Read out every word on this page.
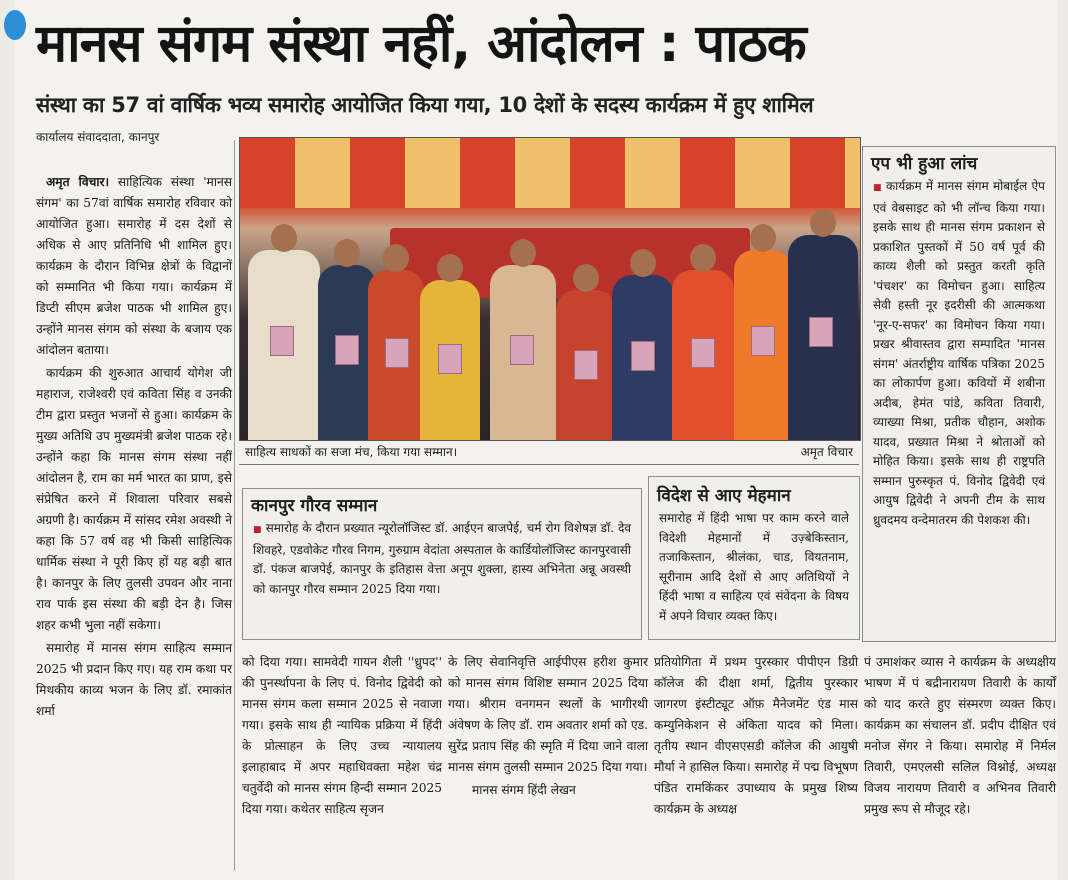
मानस संगम संस्था नहीं, आंदोलन : पाठक
संस्था का 57 वां वार्षिक भव्य समारोह आयोजित किया गया, 10 देशों के सदस्य कार्यक्रम में हुए शामिल
कार्यालय संवाददाता, कानपुर

अमृत विचार। साहित्यिक संस्था 'मानस संगम' का 57वां वार्षिक समारोह रविवार को आयोजित हुआ। समारोह में दस देशों से अधिक से आए प्रतिनिधि भी शामिल हुए। कार्यक्रम के दौरान विभिन्न क्षेत्रों के विद्वानों को सम्मानित भी किया गया। कार्यक्रम में डिप्टी सीएम ब्रजेश पाठक भी शामिल हुए। उन्होंने मानस संगम को संस्था के बजाय एक आंदोलन बताया।

कार्यक्रम की शुरुआत आचार्य योगेश जी महाराज, राजेश्वरी एवं कविता सिंह व उनकी टीम द्वारा प्रस्तुत भजनों से हुआ। कार्यक्रम के मुख्य अतिथि उप मुख्यमंत्री ब्रजेश पाठक रहे। उन्होंने कहा कि मानस संगम संस्था नहीं आंदोलन है, राम का मर्म भारत का प्राण, इसे संप्रेषित करने में शिवाला परिवार सबसे अग्रणी है। कार्यक्रम में सांसद रमेश अवस्थी ने कहा कि 57 वर्ष वह भी किसी साहित्यिक धार्मिक संस्था ने पूरी किए हों यह बड़ी बात है। कानपुर के लिए तुलसी उपवन और नाना राव पार्क इस संस्था की बड़ी देन है। जिस शहर कभी भुला नहीं सकेगा।

समारोह में मानस संगम साहित्य सम्मान 2025 भी प्रदान किए गए। यह राम कथा पर मिथकीय काव्य भजन के लिए डॉ. रमाकांत शर्मा

साहित्य साधकों का सजा मंच, किया गया सम्मान।	अमृत विचार
एप भी हुआ लांच
■ कार्यक्रम में मानस संगम मोबाईल ऐप एवं वेबसाइट को भी लॉन्च किया गया। इसके साथ ही मानस संगम प्रकाशन से प्रकाशित पुस्तकों में 50 वर्ष पूर्व की काव्य शैली को प्रस्तुत करती कृति 'पंचशर' का विमोचन हुआ। साहित्य सेवी हस्ती नूर इदरीसी की आत्मकथा 'नूर-ए-सफर' का विमोचन किया गया। प्रखर श्रीवास्तव द्वारा सम्पादित 'मानस संगम' अंतर्राष्ट्रीय वार्षिक पत्रिका 2025 का लोकार्पण हुआ। कवियों में शबीना अदीब, हेमंत पांडे, कविता तिवारी, व्याख्या मिश्रा, प्रतीक चौहान, अशोक यादव, प्रख्यात मिश्रा ने श्रोताओं को मोहित किया। इसके साथ ही राष्ट्रपति सम्मान पुरुस्कृत पं. विनोद द्विवेदी एवं आयुष द्विवेदी ने अपनी टीम के साथ ध्रुवदमय वन्देमातरम की पेशकश की।
कानपुर गौरव सम्मान
■ समारोह के दौरान प्रख्यात न्यूरोलॉजिस्ट डॉ. आईएन बाजपेई, चर्म रोग विशेषज्ञ डॉ. देव शिवहरे, एडवोकेट गौरव निगम, गुरुग्राम वेदांता अस्पताल के कार्डियोलॉजिस्ट कानपुरवासी डॉ. पंकज बाजपेई, कानपुर के इतिहास वेत्ता अनूप शुक्ला, हास्य अभिनेता अन्नू अवस्थी को कानपुर गौरव सम्मान 2025 दिया गया।
विदेश से आए मेहमान
समारोह में हिंदी भाषा पर काम करने वाले विदेशी मेहमानों में उज़्बेकिस्तान, तजाकिस्तान, श्रीलंका, चाड, वियतनाम, सूरीनाम आदि देशों से आए अतिथियों ने हिंदी भाषा व साहित्य एवं संवेदना के विषय में अपने विचार व्यक्त किए।

को दिया गया। सामवेदी गायन शैली ''ध्रुपद'' की पुनर्स्थापना के लिए पं. विनोद द्विवेदी को मानस संगम कला सम्मान 2025 से नवाजा गया। इसके साथ ही न्यायिक प्रक्रिया में हिंदी के प्रोत्साहन के लिए उच्च न्यायालय इलाहाबाद में अपर महाधिवक्ता महेश चंद्र चतुर्वेदी को मानस संगम हिन्दी सम्मान 2025 दिया गया। कथेतर साहित्य सृजन

के लिए सेवानिवृत्ति आईपीएस हरीश कुमार को मानस संगम विशिष्ट सम्मान 2025 दिया गया। श्रीराम वनगमन स्थलों के भागीरथी अंवेषण के लिए डॉ. राम अवतार शर्मा को एड. सुरेंद्र प्रताप सिंह की स्मृति में दिया जाने वाला मानस संगम तुलसी सम्मान 2025 दिया गया।

मानस संगम हिंदी लेखन

प्रतियोगिता में प्रथम पुरस्कार पीपीएन डिग्री कॉलेज की दीक्षा शर्मा, द्वितीय पुरस्कार जागरण इंस्टीट्यूट ऑफ़ मैनेजमेंट एंड मास कम्युनिकेशन से अंकिता यादव को मिला। तृतीय स्थान वीएसएसडी कॉलेज की आयुषी मौर्या ने हासिल किया। समारोह में पद्म विभूषण पंडित रामकिंकर उपाध्याय के प्रमुख शिष्य कार्यक्रम के अध्यक्ष

पं उमाशंकर व्यास ने कार्यक्रम के अध्यक्षीय भाषण में पं बद्रीनारायण तिवारी के कार्यों को याद करते हुए संस्मरण व्यक्त किए। कार्यक्रम का संचालन डॉ. प्रदीप दीक्षित एवं मनोज सेंगर ने किया। समारोह में निर्मल तिवारी, एमएलसी सलिल विश्नोई, अध्यक्ष विजय नारायण तिवारी व अभिनव तिवारी प्रमुख रूप से मौजूद रहे।
